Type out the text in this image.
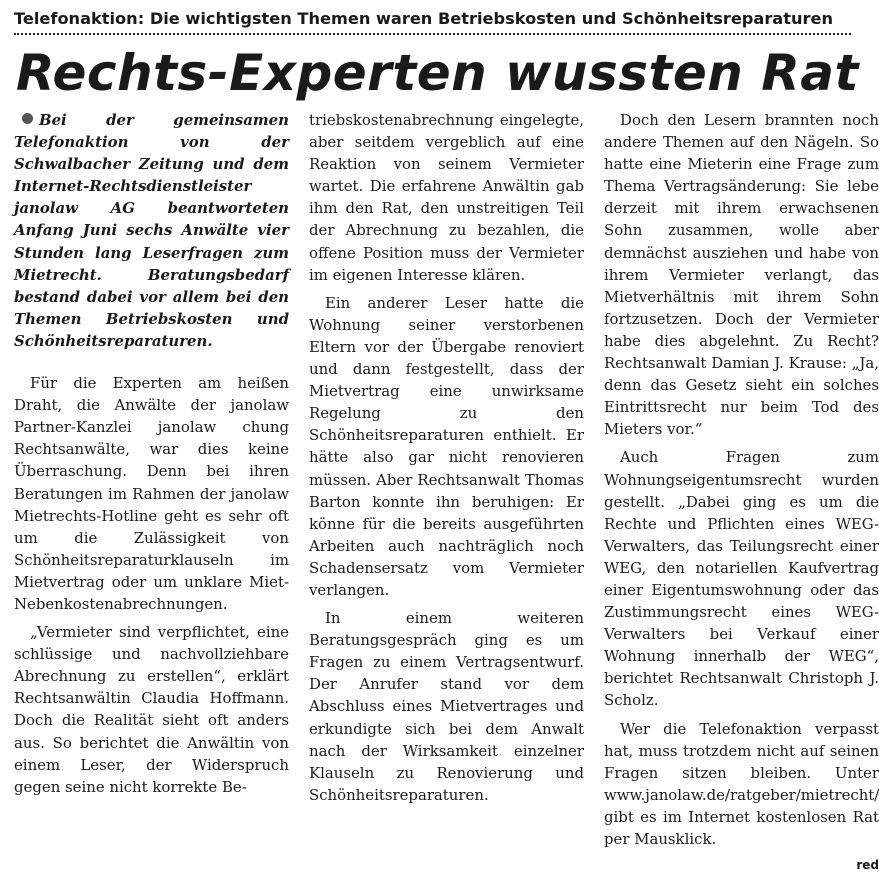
Telefonaktion: Die wichtigsten Themen waren Betriebskosten und Schönheitsreparaturen
Rechts-Experten wussten Rat

Bei der gemeinsamen Telefonaktion von der Schwalbacher Zeitung und dem Internet-Rechtsdienstleister janolaw AG beantworteten Anfang Juni sechs Anwälte vier Stunden lang Leserfragen zum Mietrecht. Beratungsbedarf bestand dabei vor allem bei den Themen Betriebskosten und Schönheitsreparaturen.

Für die Experten am heißen Draht, die Anwälte der janolaw Partner-Kanzlei janolaw chung Rechtsanwälte, war dies keine Überraschung. Denn bei ihren Beratungen im Rahmen der janolaw Mietrechts-Hotline geht es sehr oft um die Zulässigkeit von Schönheitsreparaturklauseln im Mietvertrag oder um unklare Miet-Nebenkostenabrechnungen.

„Vermieter sind verpflichtet, eine schlüssige und nachvollziehbare Abrechnung zu erstellen“, erklärt Rechtsanwältin Claudia Hoffmann. Doch die Realität sieht oft anders aus. So berichtet die Anwältin von einem Leser, der Widerspruch gegen seine nicht korrekte Be-

triebskostenabrechnung eingelegte, aber seitdem vergeblich auf eine Reaktion von seinem Vermieter wartet. Die erfahrene Anwältin gab ihm den Rat, den unstreitigen Teil der Abrechnung zu bezahlen, die offene Position muss der Vermieter im eigenen Interesse klären.

Ein anderer Leser hatte die Wohnung seiner verstorbenen Eltern vor der Übergabe renoviert und dann festgestellt, dass der Mietvertrag eine unwirksame Regelung zu den Schönheitsreparaturen enthielt. Er hätte also gar nicht renovieren müssen. Aber Rechtsanwalt Thomas Barton konnte ihn beruhigen: Er könne für die bereits ausgeführten Arbeiten auch nachträglich noch Schadensersatz vom Vermieter verlangen.

In einem weiteren Beratungsgespräch ging es um Fragen zu einem Vertragsentwurf. Der Anrufer stand vor dem Abschluss eines Mietvertrages und erkundigte sich bei dem Anwalt nach der Wirksamkeit einzelner Klauseln zu Renovierung und Schönheitsreparaturen.

Doch den Lesern brannten noch andere Themen auf den Nägeln. So hatte eine Mieterin eine Frage zum Thema Vertragsänderung: Sie lebe derzeit mit ihrem erwachsenen Sohn zusammen, wolle aber demnächst ausziehen und habe von ihrem Vermieter verlangt, das Mietverhältnis mit ihrem Sohn fortzusetzen. Doch der Vermieter habe dies abgelehnt. Zu Recht? Rechtsanwalt Damian J. Krause: „Ja, denn das Gesetz sieht ein solches Eintrittsrecht nur beim Tod des Mieters vor.“

Auch Fragen zum Wohnungseigentumsrecht wurden gestellt. „Dabei ging es um die Rechte und Pflichten eines WEG-Verwalters, das Teilungsrecht einer WEG, den notariellen Kaufvertrag einer Eigentumswohnung oder das Zustimmungsrecht eines WEG-Verwalters bei Verkauf einer Wohnung innerhalb der WEG“, berichtet Rechtsanwalt Christoph J. Scholz.

Wer die Telefonaktion verpasst hat, muss trotzdem nicht auf seinen Fragen sitzen bleiben. Unter www.janolaw.de/ratgeber/mietrecht/ gibt es im Internet kostenlosen Rat per Mausklick.

red
